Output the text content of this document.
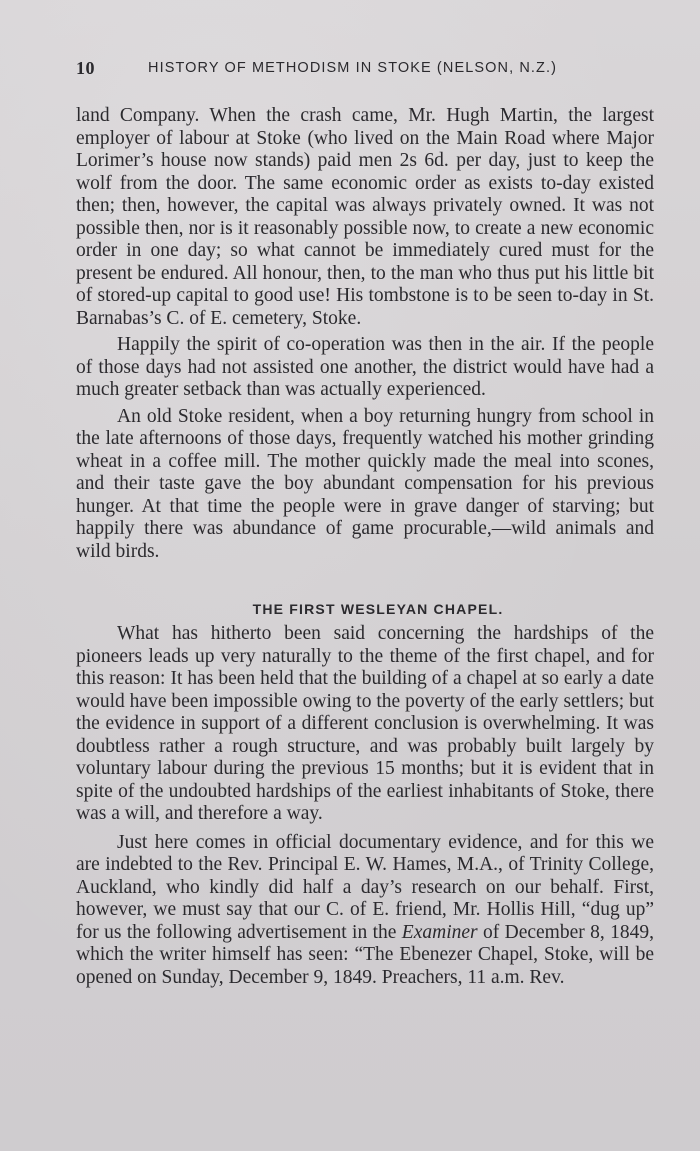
10	HISTORY OF METHODISM IN STOKE (NELSON, N.Z.)

land Company. When the crash came, Mr. Hugh Martin, the largest employer of labour at Stoke (who lived on the Main Road where Major Lorimer’s house now stands) paid men 2s 6d. per day, just to keep the wolf from the door. The same economic order as exists to-day existed then; then, however, the capital was always privately owned. It was not possible then, nor is it reasonably possible now, to create a new economic order in one day; so what cannot be immediately cured must for the present be endured. All honour, then, to the man who thus put his little bit of stored-up capital to good use! His tombstone is to be seen to-day in St. Barnabas’s C. of E. cemetery, Stoke.

Happily the spirit of co-operation was then in the air. If the people of those days had not assisted one another, the district would have had a much greater setback than was actually experienced.

An old Stoke resident, when a boy returning hungry from school in the late afternoons of those days, frequently watched his mother grinding wheat in a coffee mill. The mother quickly made the meal into scones, and their taste gave the boy abundant compensation for his previous hunger. At that time the people were in grave danger of starving; but happily there was abundance of game procurable,—wild animals and wild birds.

THE FIRST WESLEYAN CHAPEL.

What has hitherto been said concerning the hardships of the pioneers leads up very naturally to the theme of the first chapel, and for this reason: It has been held that the building of a chapel at so early a date would have been impossible owing to the poverty of the early settlers; but the evidence in support of a different conclusion is overwhelming. It was doubtless rather a rough structure, and was probably built largely by voluntary labour during the previous 15 months; but it is evident that in spite of the undoubted hardships of the earliest inhabitants of Stoke, there was a will, and therefore a way.

Just here comes in official documentary evidence, and for this we are indebted to the Rev. Principal E. W. Hames, M.A., of Trinity College, Auckland, who kindly did half a day’s research on our behalf. First, however, we must say that our C. of E. friend, Mr. Hollis Hill, “dug up” for us the following advertisement in the Examiner of December 8, 1849, which the writer himself has seen: “The Ebenezer Chapel, Stoke, will be opened on Sunday, December 9, 1849. Preachers, 11 a.m. Rev.
